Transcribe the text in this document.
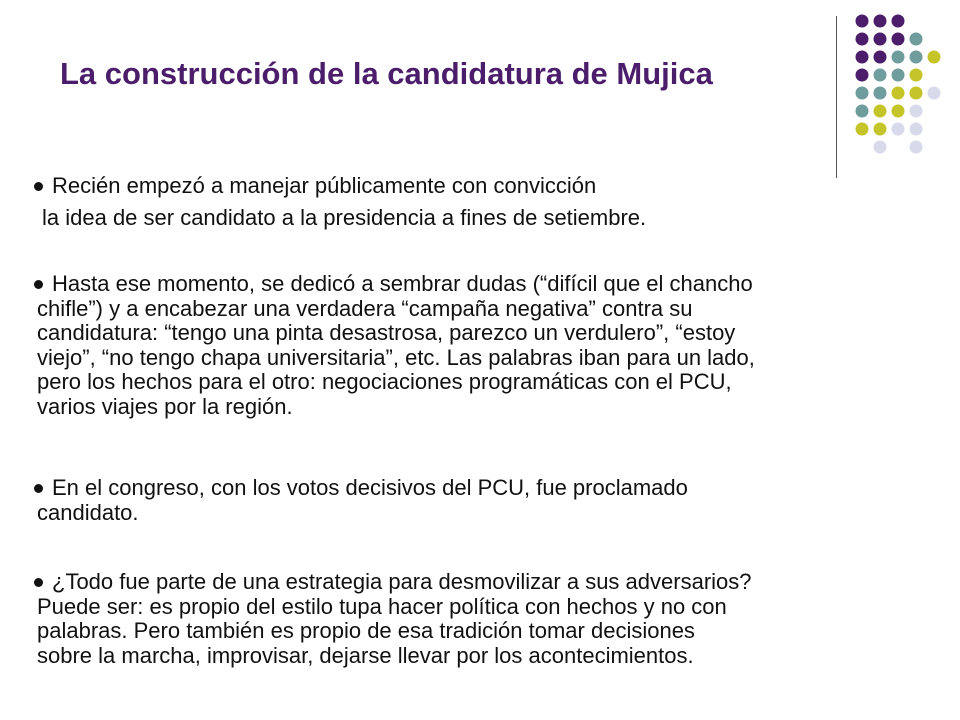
La construcción de la candidatura de Mujica
Recién empezó a manejar públicamente con convicción
la idea de ser candidato a la presidencia a fines de setiembre.
Hasta ese momento, se dedicó a sembrar dudas (“difícil que el chancho
chifle”) y a encabezar una verdadera “campaña negativa” contra su
candidatura: “tengo una pinta desastrosa, parezco un verdulero”, “estoy
viejo”, “no tengo chapa universitaria”, etc. Las palabras iban para un lado,
pero los hechos para el otro: negociaciones programáticas con el PCU,
varios viajes por la región.
En el congreso, con los votos decisivos del PCU, fue proclamado
candidato.
¿Todo fue parte de una estrategia para desmovilizar a sus adversarios?
Puede ser: es propio del estilo tupa hacer política con hechos y no con
palabras. Pero también es propio de esa tradición tomar decisiones
sobre la marcha, improvisar, dejarse llevar por los acontecimientos.
